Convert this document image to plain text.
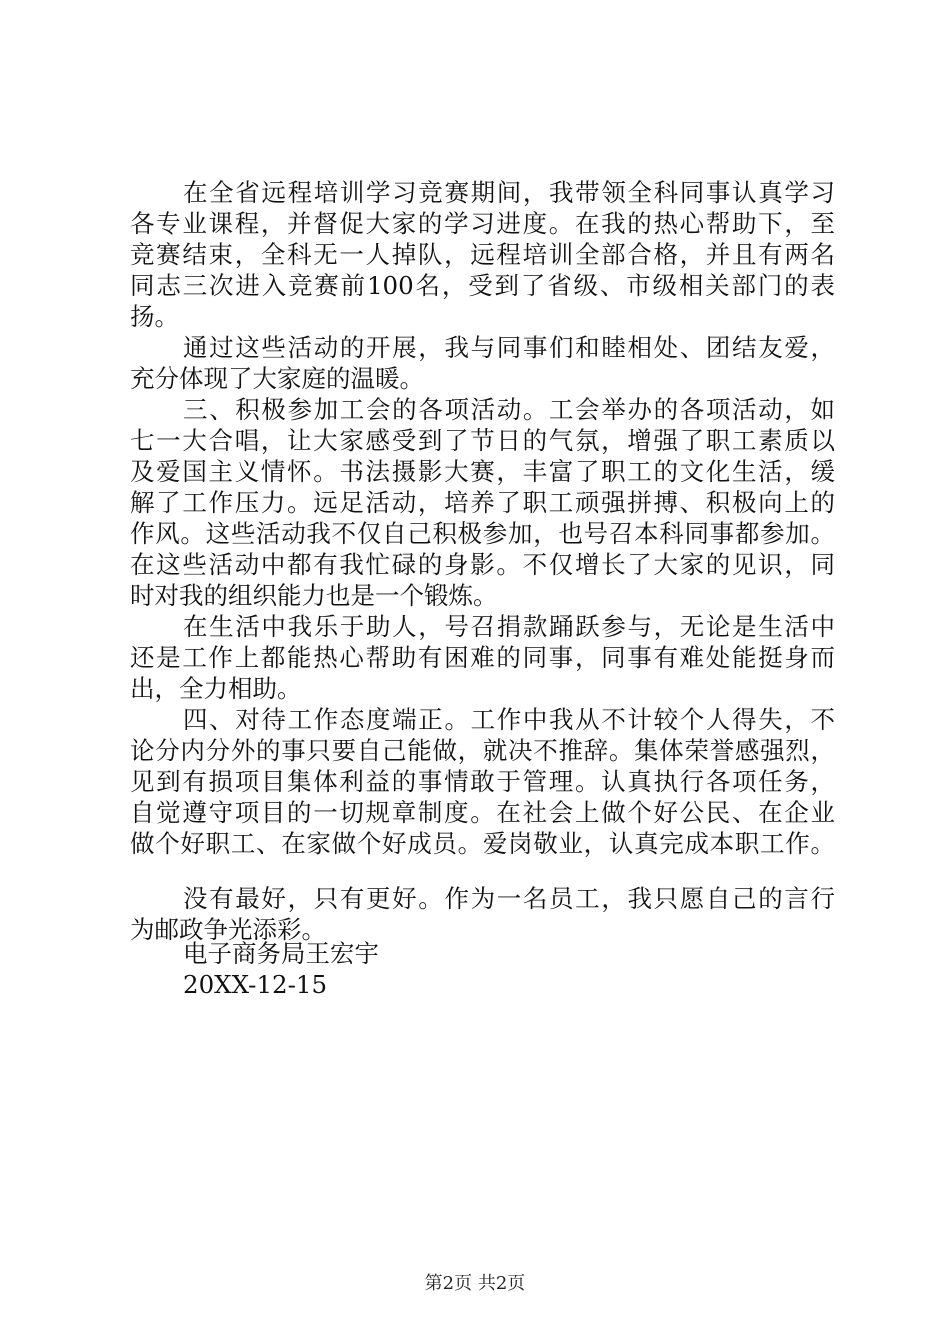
在全省远程培训学习竞赛期间，我带领全科同事认真学习
各专业课程，并督促大家的学习进度。在我的热心帮助下，至
竞赛结束，全科无一人掉队，远程培训全部合格，并且有两名
同志三次进入竞赛前100名，受到了省级、市级相关部门的表
扬。
通过这些活动的开展，我与同事们和睦相处、团结友爱，
充分体现了大家庭的温暖。
三、积极参加工会的各项活动。工会举办的各项活动，如
七一大合唱，让大家感受到了节日的气氛，增强了职工素质以
及爱国主义情怀。书法摄影大赛，丰富了职工的文化生活，缓
解了工作压力。远足活动，培养了职工顽强拼搏、积极向上的
作风。这些活动我不仅自己积极参加，也号召本科同事都参加。
在这些活动中都有我忙碌的身影。不仅增长了大家的见识，同
时对我的组织能力也是一个锻炼。
在生活中我乐于助人，号召捐款踊跃参与，无论是生活中
还是工作上都能热心帮助有困难的同事，同事有难处能挺身而
出，全力相助。
四、对待工作态度端正。工作中我从不计较个人得失，不
论分内分外的事只要自己能做，就决不推辞。集体荣誉感强烈，
见到有损项目集体利益的事情敢于管理。认真执行各项任务，
自觉遵守项目的一切规章制度。在社会上做个好公民、在企业
做个好职工、在家做个好成员。爱岗敬业，认真完成本职工作。
没有最好，只有更好。作为一名员工，我只愿自己的言行
为邮政争光添彩。
电子商务局王宏宇
20XX-12-15
第2页 共2页
